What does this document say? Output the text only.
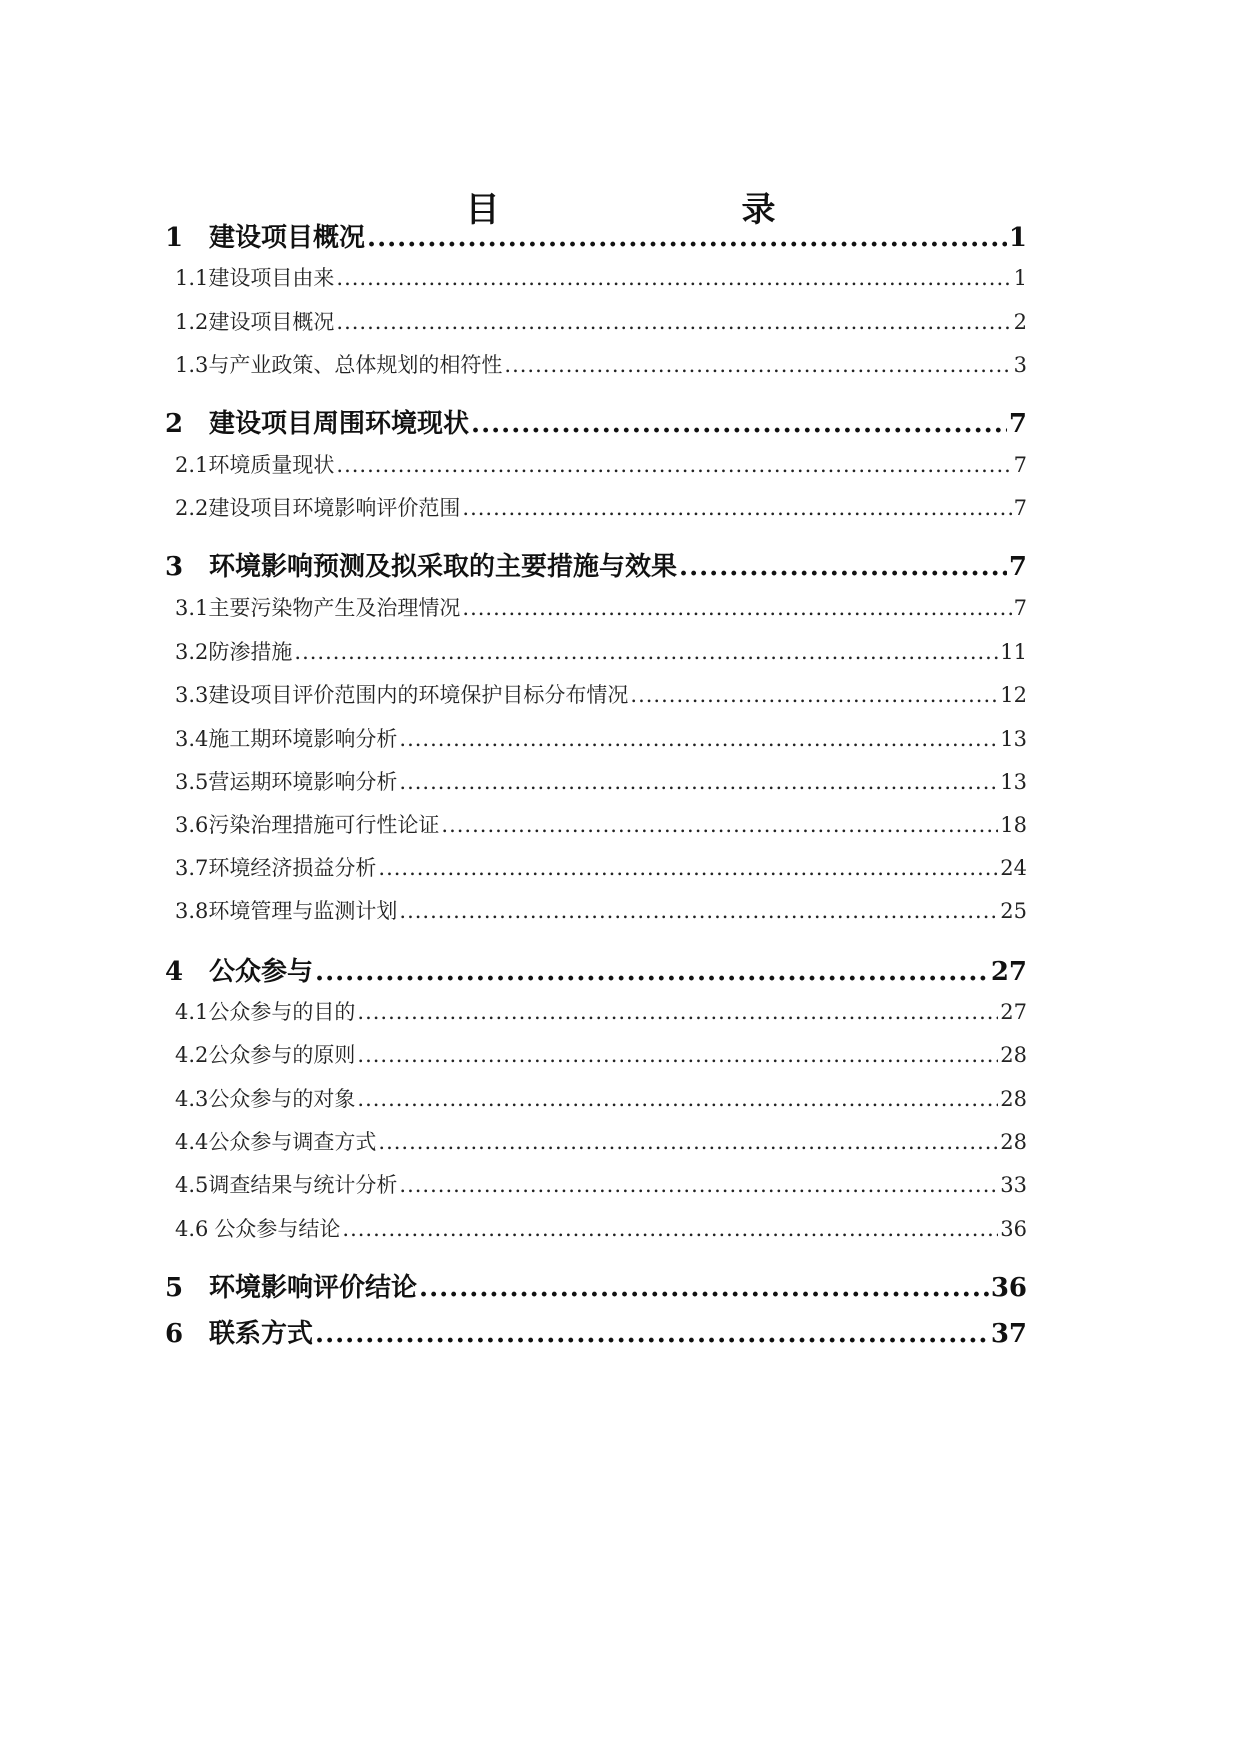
目　　录
1 建设项目概况 .....	1
1.1 建设项目由来 .....	1
1.2 建设项目概况 .....	2
1.3 与产业政策、总体规划的相符性 .....	3
2 建设项目周围环境现状 .....	7
2.1 环境质量现状 .....	7
2.2 建设项目环境影响评价范围 .....	7
3 环境影响预测及拟采取的主要措施与效果 .....	7
3.1 主要污染物产生及治理情况 .....	7
3.2 防渗措施 .....	11
3.3 建设项目评价范围内的环境保护目标分布情况 .....	12
3.4 施工期环境影响分析 .....	13
3.5 营运期环境影响分析 .....	13
3.6 污染治理措施可行性论证 .....	18
3.7 环境经济损益分析 .....	24
3.8 环境管理与监测计划 .....	25
4 公众参与 .....	27
4.1 公众参与的目的 .....	27
4.2 公众参与的原则 .....	28
4.3 公众参与的对象 .....	28
4.4 公众参与调查方式 .....	28
4.5 调查结果与统计分析 .....	33
4.6 公众参与结论 .....	36
5 环境影响评价结论 .....	36
6 联系方式 .....	37
